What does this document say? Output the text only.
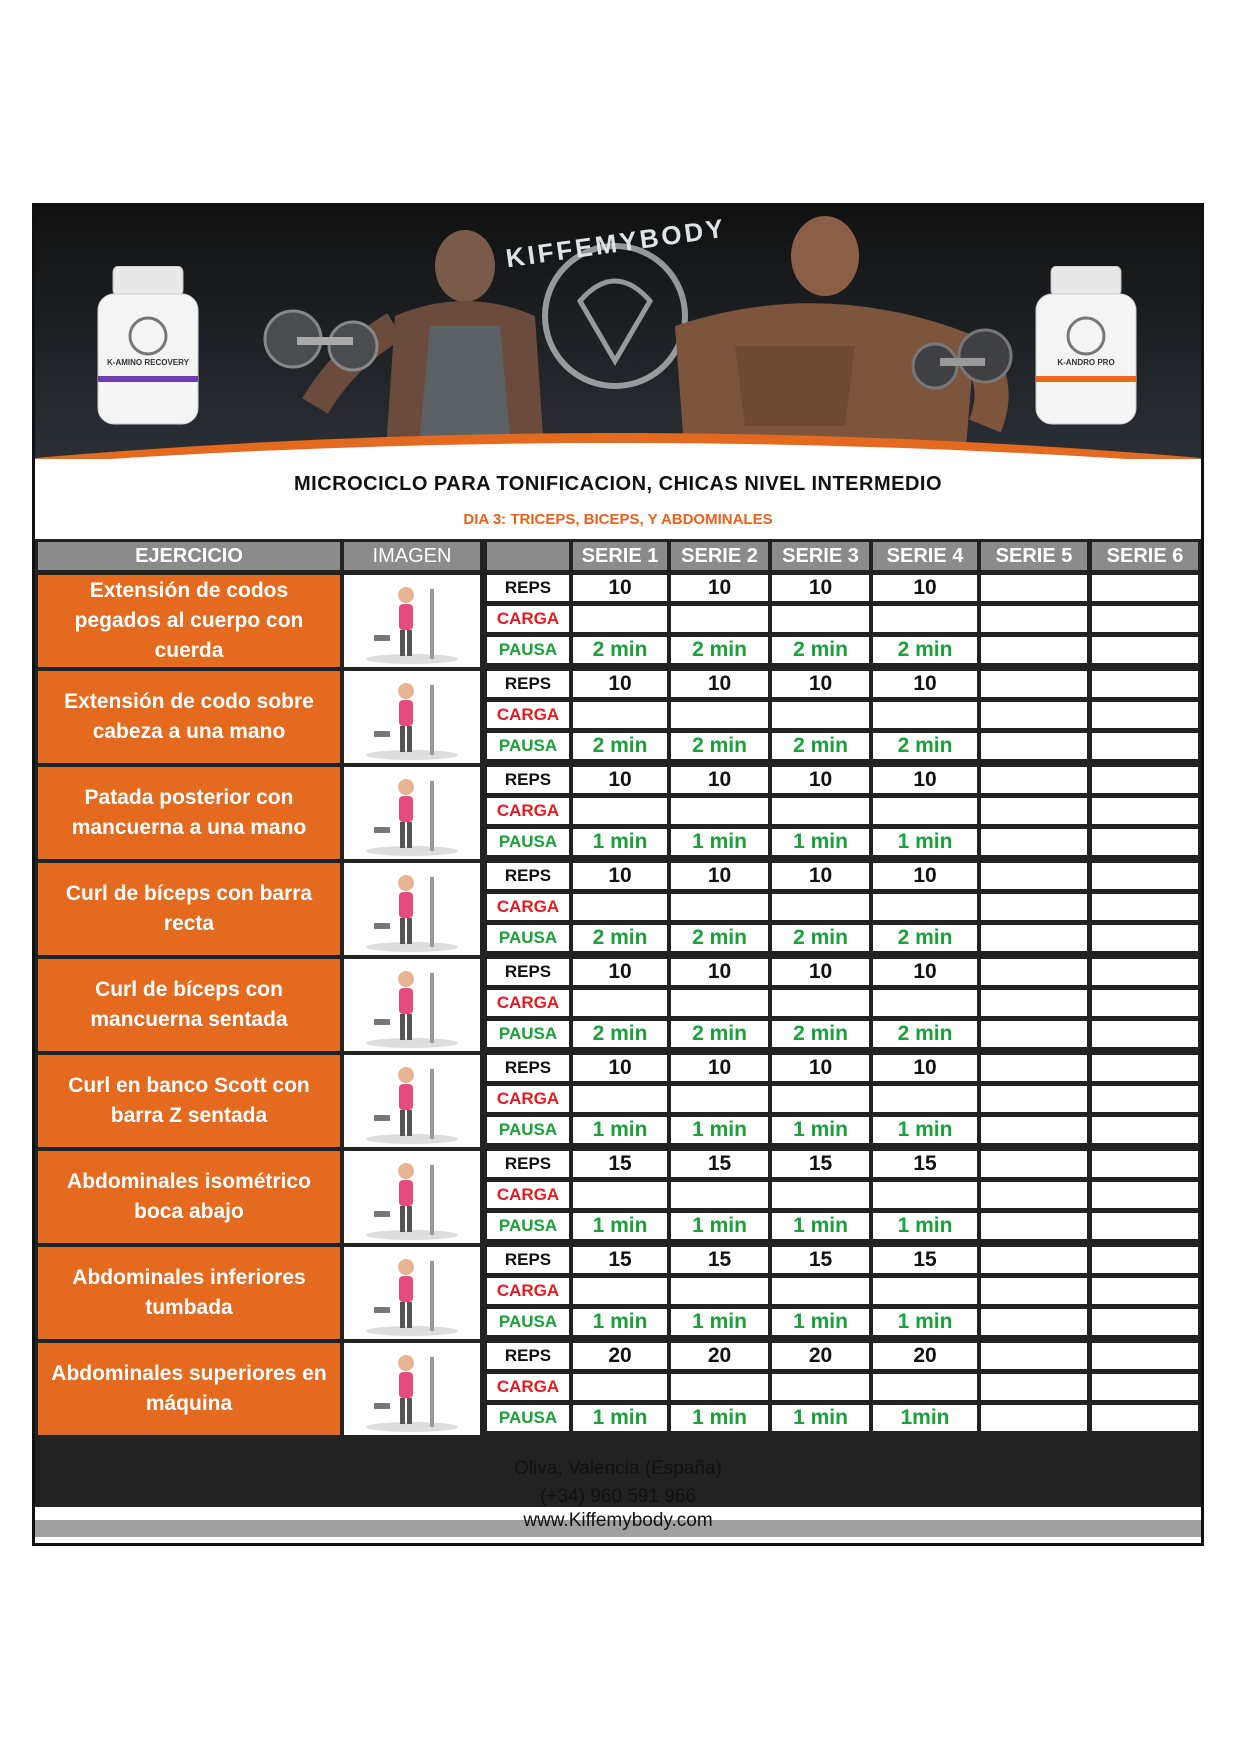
KIFFEMYBODY
K-AMINO RECOVERY	K-ANDRO PRO
MICROCICLO PARA TONIFICACION, CHICAS NIVEL INTERMEDIO
DIA 3: TRICEPS, BICEPS, Y ABDOMINALES
EJERCICIO	IMAGEN	SERIE 1	SERIE 2	SERIE 3	SERIE 4	SERIE 5	SERIE 6
Extensión de codos pegados al cuerpo con cuerda
REPS	10	10	10	10
CARGA
PAUSA	2 min	2 min	2 min	2 min
Extensión de codo sobre cabeza a una mano
REPS	10	10	10	10
CARGA
PAUSA	2 min	2 min	2 min	2 min
Patada posterior con mancuerna a una mano
REPS	10	10	10	10
CARGA
PAUSA	1 min	1 min	1 min	1 min
Curl de bíceps con barra recta
REPS	10	10	10	10
CARGA
PAUSA	2 min	2 min	2 min	2 min
Curl de bíceps con mancuerna sentada
REPS	10	10	10	10
CARGA
PAUSA	2 min	2 min	2 min	2 min
Curl en banco Scott con barra Z sentada
REPS	10	10	10	10
CARGA
PAUSA	1 min	1 min	1 min	1 min
Abdominales isométrico boca abajo
REPS	15	15	15	15
CARGA
PAUSA	1 min	1 min	1 min	1 min
Abdominales inferiores tumbada
REPS	15	15	15	15
CARGA
PAUSA	1 min	1 min	1 min	1 min
Abdominales superiores en máquina
REPS	20	20	20	20
CARGA
PAUSA	1 min	1 min	1 min	1min
Oliva, Valencia (España)
(+34) 960 591 966
www.Kiffemybody.com
